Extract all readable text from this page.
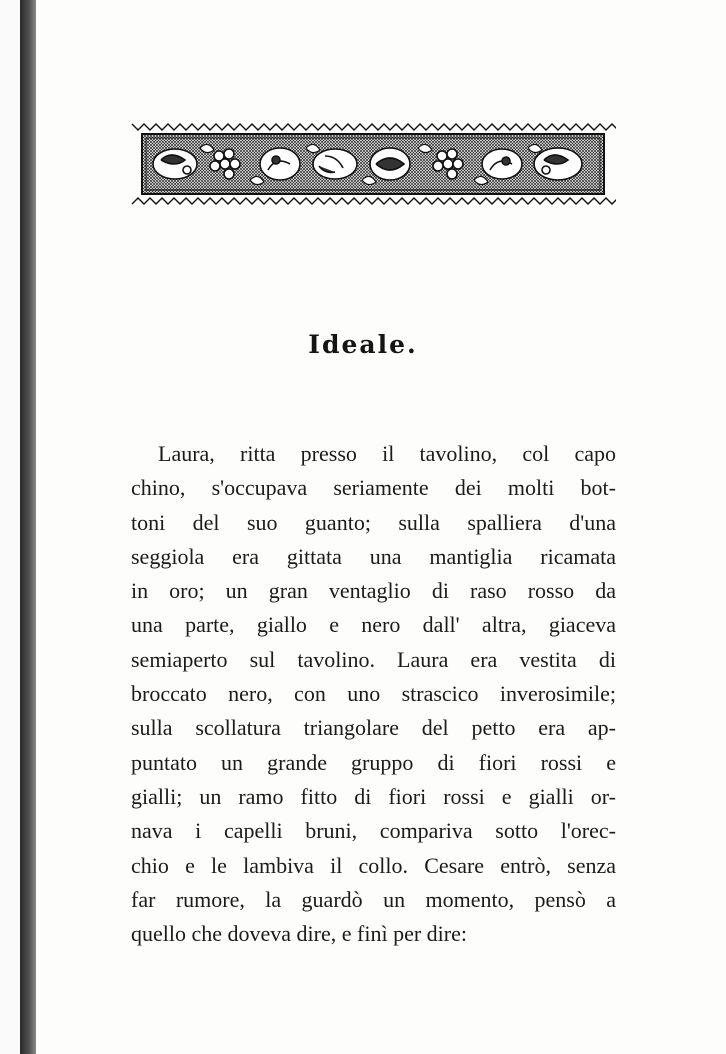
Ideale.
Laura, ritta presso il tavolino, col capo
chino, s'occupava seriamente dei molti bot-
toni del suo guanto; sulla spalliera d'una
seggiola era gittata una mantiglia ricamata
in oro; un gran ventaglio di raso rosso da
una parte, giallo e nero dall' altra, giaceva
semiaperto sul tavolino. Laura era vestita di
broccato nero, con uno strascico inverosimile;
sulla scollatura triangolare del petto era ap-
puntato un grande gruppo di fiori rossi e
gialli; un ramo fitto di fiori rossi e gialli or-
nava i capelli bruni, compariva sotto l'orec-
chio e le lambiva il collo. Cesare entrò, senza
far rumore, la guardò un momento, pensò a
quello che doveva dire, e finì per dire:
